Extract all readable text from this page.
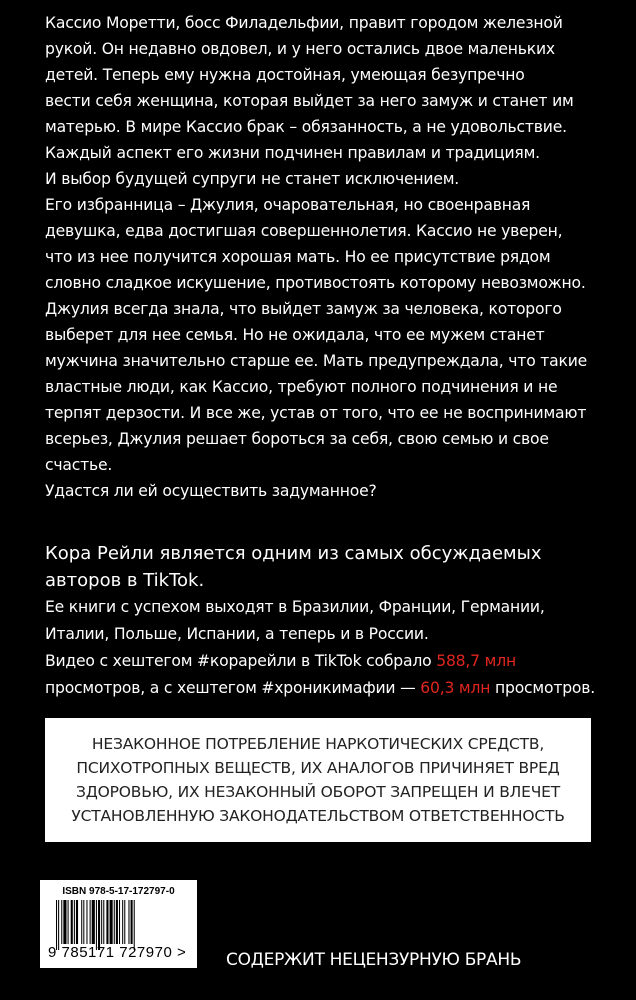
Кассио Моретти, босс Филадельфии, правит городом железной
рукой. Он недавно овдовел, и у него остались двое маленьких
детей. Теперь ему нужна достойная, умеющая безупречно
вести себя женщина, которая выйдет за него замуж и станет им
матерью. В мире Кассио брак – обязанность, а не удовольствие.
Каждый аспект его жизни подчинен правилам и традициям.
И выбор будущей супруги не станет исключением.
Его избранница – Джулия, очаровательная, но своенравная
девушка, едва достигшая совершеннолетия. Кассио не уверен,
что из нее получится хорошая мать. Но ее присутствие рядом
словно сладкое искушение, противостоять которому невозможно.
Джулия всегда знала, что выйдет замуж за человека, которого
выберет для нее семья. Но не ожидала, что ее мужем станет
мужчина значительно старше ее. Мать предупреждала, что такие
властные люди, как Кассио, требуют полного подчинения и не
терпят дерзости. И все же, устав от того, что ее не воспринимают
всерьез, Джулия решает бороться за себя, свою семью и свое
счастье.
Удастся ли ей осуществить задуманное?
Кора Рейли является одним из самых обсуждаемых
авторов в TikTok.
Ее книги с успехом выходят в Бразилии, Франции, Германии,
Италии, Польше, Испании, а теперь и в России.
Видео с хештегом #корарейли в TikTok собрало 588,7 млн
просмотров, а с хештегом #хроникимафии — 60,3 млн просмотров.
НЕЗАКОННОЕ ПОТРЕБЛЕНИЕ НАРКОТИЧЕСКИХ СРЕДСТВ,
ПСИХОТРОПНЫХ ВЕЩЕСТВ, ИХ АНАЛОГОВ ПРИЧИНЯЕТ ВРЕД
ЗДОРОВЬЮ, ИХ НЕЗАКОННЫЙ ОБОРОТ ЗАПРЕЩЕН И ВЛЕЧЕТ
УСТАНОВЛЕННУЮ ЗАКОНОДАТЕЛЬСТВОМ ОТВЕТСТВЕННОСТЬ
ISBN 978-5-17-172797-0
9 785171 727970 > СОДЕРЖИТ НЕЦЕНЗУРНУЮ БРАНЬ
